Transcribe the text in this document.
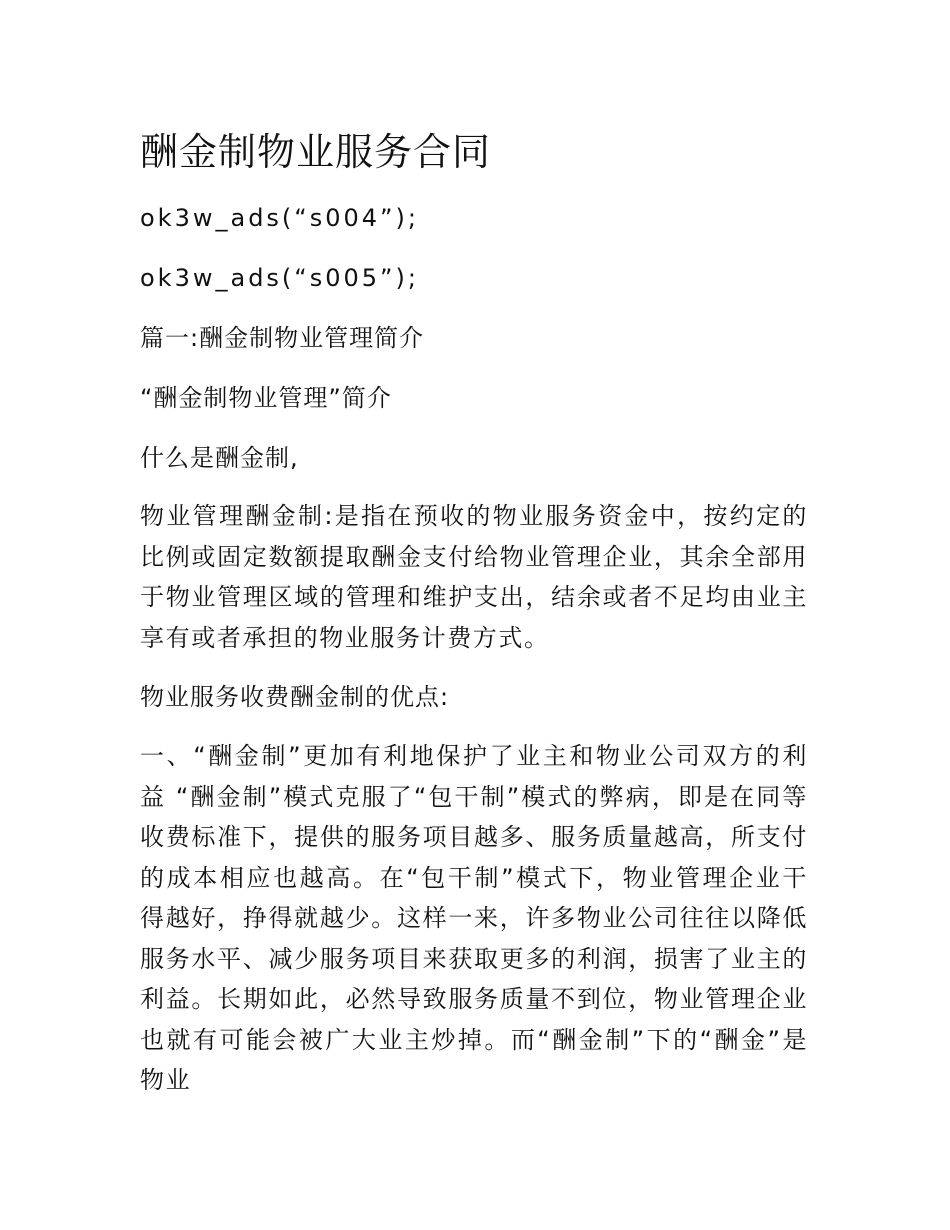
酬金制物业服务合同

ok3w_ads(“s004”);

ok3w_ads(“s005”);

篇一:酬金制物业管理简介

“酬金制物业管理”简介

什么是酬金制,

物业管理酬金制:是指在预收的物业服务资金中，按约定的比例或固定数额提取酬金支付给物业管理企业，其余全部用于物业管理区域的管理和维护支出，结余或者不足均由业主享有或者承担的物业服务计费方式。

物业服务收费酬金制的优点:

一、“酬金制”更加有利地保护了业主和物业公司双方的利益 “酬金制”模式克服了“包干制”模式的弊病，即是在同等收费标准下，提供的服务项目越多、服务质量越高，所支付的成本相应也越高。在“包干制”模式下，物业管理企业干得越好，挣得就越少。这样一来，许多物业公司往往以降低服务水平、减少服务项目来获取更多的利润，损害了业主的利益。长期如此，必然导致服务质量不到位，物业管理企业也就有可能会被广大业主炒掉。而“酬金制”下的“酬金”是物业
